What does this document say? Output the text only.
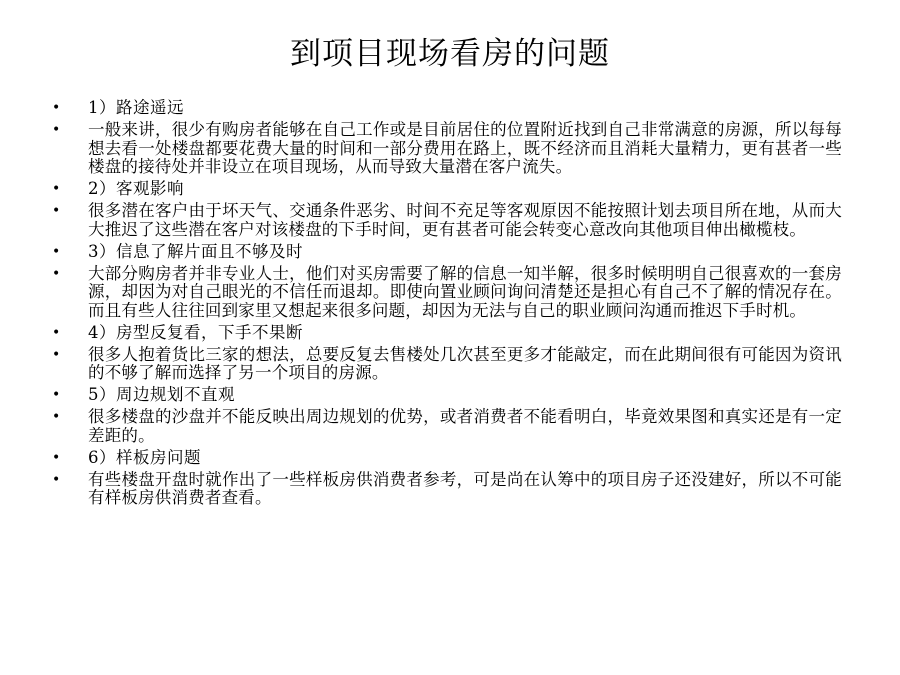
到项目现场看房的问题
• 1）路途遥远
• 一般来讲，很少有购房者能够在自己工作或是目前居住的位置附近找到自己非常满意的房源，所以每每想去看一处楼盘都要花费大量的时间和一部分费用在路上，既不经济而且消耗大量精力，更有甚者一些楼盘的接待处并非设立在项目现场，从而导致大量潜在客户流失。
• 2）客观影响
• 很多潜在客户由于坏天气、交通条件恶劣、时间不充足等客观原因不能按照计划去项目所在地，从而大大推迟了这些潜在客户对该楼盘的下手时间，更有甚者可能会转变心意改向其他项目伸出橄榄枝。
• 3）信息了解片面且不够及时
• 大部分购房者并非专业人士，他们对买房需要了解的信息一知半解，很多时候明明自己很喜欢的一套房源，却因为对自己眼光的不信任而退却。即使向置业顾问询问清楚还是担心有自己不了解的情况存在。而且有些人往往回到家里又想起来很多问题，却因为无法与自己的职业顾问沟通而推迟下手时机。
• 4）房型反复看，下手不果断
• 很多人抱着货比三家的想法，总要反复去售楼处几次甚至更多才能敲定，而在此期间很有可能因为资讯的不够了解而选择了另一个项目的房源。
• 5）周边规划不直观
• 很多楼盘的沙盘并不能反映出周边规划的优势，或者消费者不能看明白，毕竟效果图和真实还是有一定差距的。
• 6）样板房问题
• 有些楼盘开盘时就作出了一些样板房供消费者参考，可是尚在认筹中的项目房子还没建好，所以不可能有样板房供消费者查看。
